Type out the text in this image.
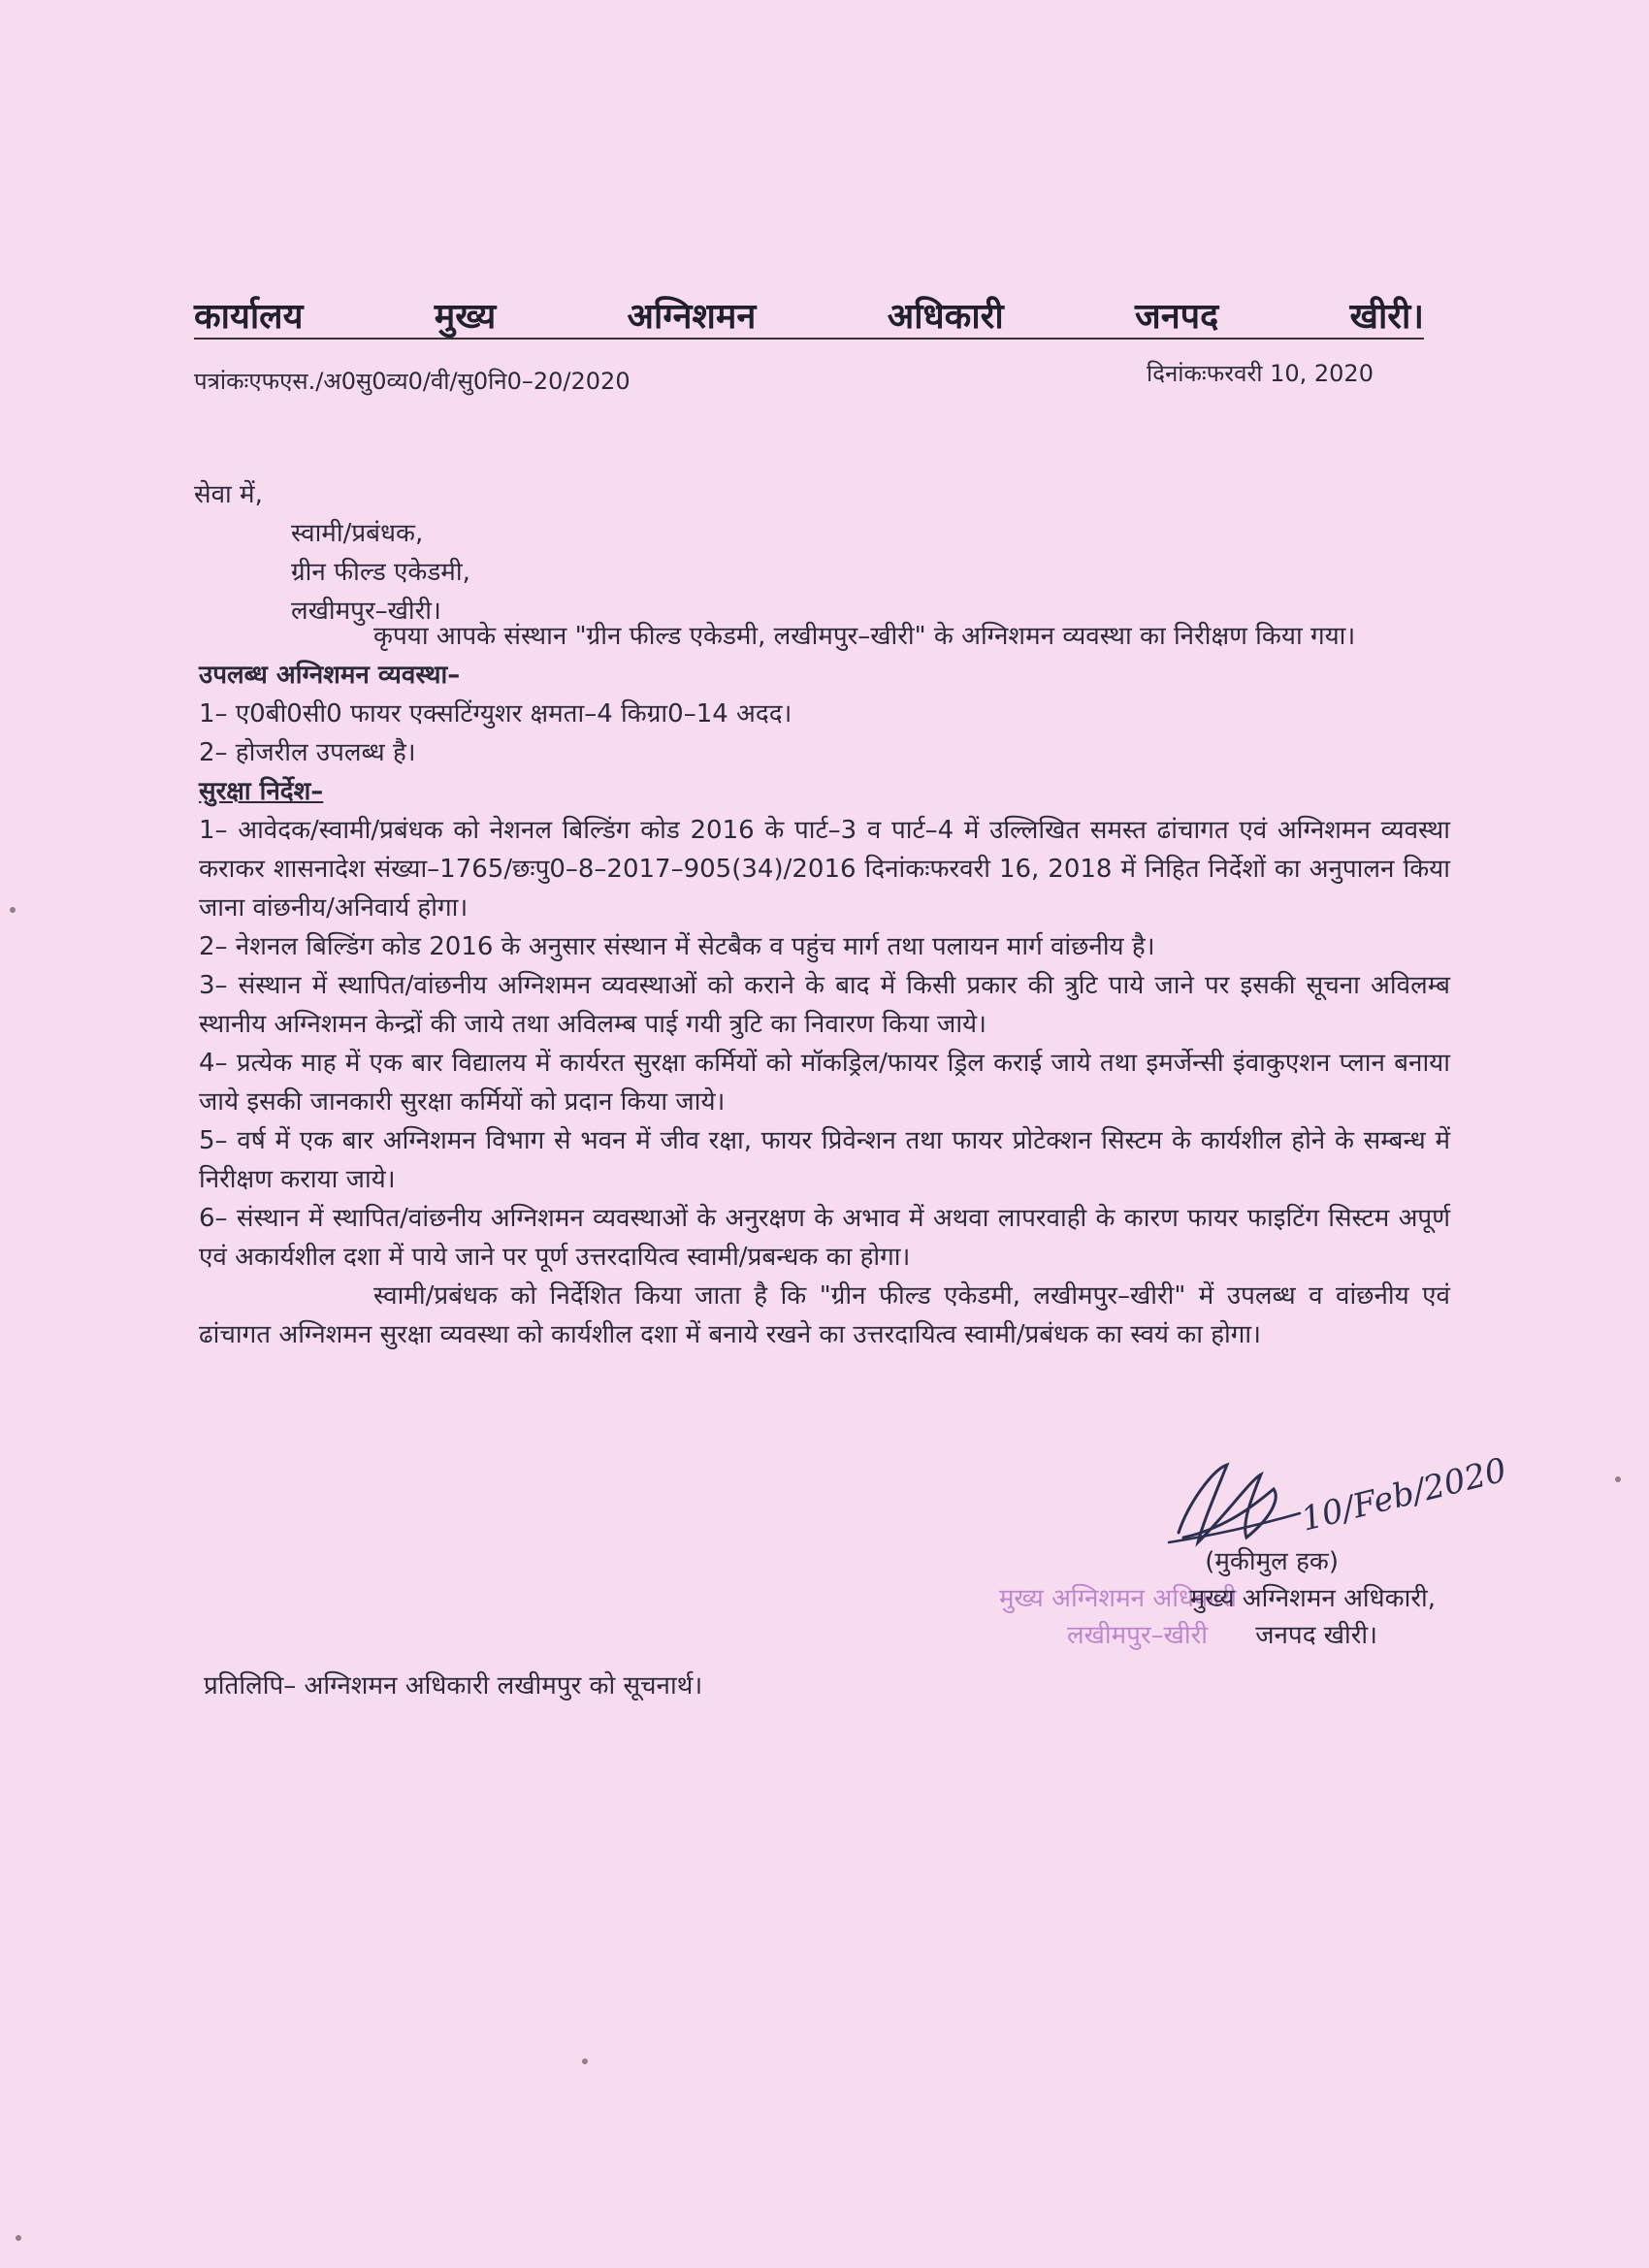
कार्यालय	मुख्य	अग्निशमन	अधिकारी	जनपद	खीरी।
पत्रांकःएफएस./अ0सु0व्य0/वी/सु0नि0–20/2020	दिनांकःफरवरी 10, 2020
सेवा में,
स्वामी/प्रबंधक,
ग्रीन फील्ड एकेडमी,
लखीमपुर–खीरी।

कृपया आपके संस्थान "ग्रीन फील्ड एकेडमी, लखीमपुर–खीरी" के अग्निशमन व्यवस्था का निरीक्षण किया गया।

उपलब्ध अग्निशमन व्यवस्था–

1– ए0बी0सी0 फायर एक्सटिंग्युशर क्षमता–4 किग्रा0–14 अदद।

2– होजरील उपलब्ध है।

सुरक्षा निर्देश–

1– आवेदक/स्वामी/प्रबंधक को नेशनल बिल्डिंग कोड 2016 के पार्ट–3 व पार्ट–4 में उल्लिखित समस्त ढांचागत एवं अग्निशमन व्यवस्था कराकर शासनादेश संख्या–1765/छःपु0–8–2017–905(34)/2016 दिनांकःफरवरी 16, 2018 में निहित निर्देशों का अनुपालन किया जाना वांछनीय/अनिवार्य होगा।

2– नेशनल बिल्डिंग कोड 2016 के अनुसार संस्थान में सेटबैक व पहुंच मार्ग तथा पलायन मार्ग वांछनीय है।

3– संस्थान में स्थापित/वांछनीय अग्निशमन व्यवस्थाओं को कराने के बाद में किसी प्रकार की त्रुटि पाये जाने पर इसकी सूचना अविलम्ब स्थानीय अग्निशमन केन्द्रों की जाये तथा अविलम्ब पाई गयी त्रुटि का निवारण किया जाये।

4– प्रत्येक माह में एक बार विद्यालय में कार्यरत सुरक्षा कर्मियों को मॉकड्रिल/फायर ड्रिल कराई जाये तथा इमर्जेन्सी इंवाकुएशन प्लान बनाया जाये इसकी जानकारी सुरक्षा कर्मियों को प्रदान किया जाये।

5– वर्ष में एक बार अग्निशमन विभाग से भवन में जीव रक्षा, फायर प्रिवेन्शन तथा फायर प्रोटेक्शन सिस्टम के कार्यशील होने के सम्बन्ध में निरीक्षण कराया जाये।

6– संस्थान में स्थापित/वांछनीय अग्निशमन व्यवस्थाओं के अनुरक्षण के अभाव में अथवा लापरवाही के कारण फायर फाइटिंग सिस्टम अपूर्ण एवं अकार्यशील दशा में पाये जाने पर पूर्ण उत्तरदायित्व स्वामी/प्रबन्धक का होगा।

स्वामी/प्रबंधक को निर्देशित किया जाता है कि "ग्रीन फील्ड एकेडमी, लखीमपुर–खीरी" में उपलब्ध व वांछनीय एवं ढांचागत अग्निशमन सुरक्षा व्यवस्था को कार्यशील दशा में बनाये रखने का उत्तरदायित्व स्वामी/प्रबंधक का स्वयं का होगा।

10/Feb/2020
मुख्य अग्निशमन अधिकारी
लखीमपुर–खीरी
(मुकीमुल हक)
मुख्य अग्निशमन अधिकारी,
जनपद खीरी।
प्रतिलिपि– अग्निशमन अधिकारी लखीमपुर को सूचनार्थ।
